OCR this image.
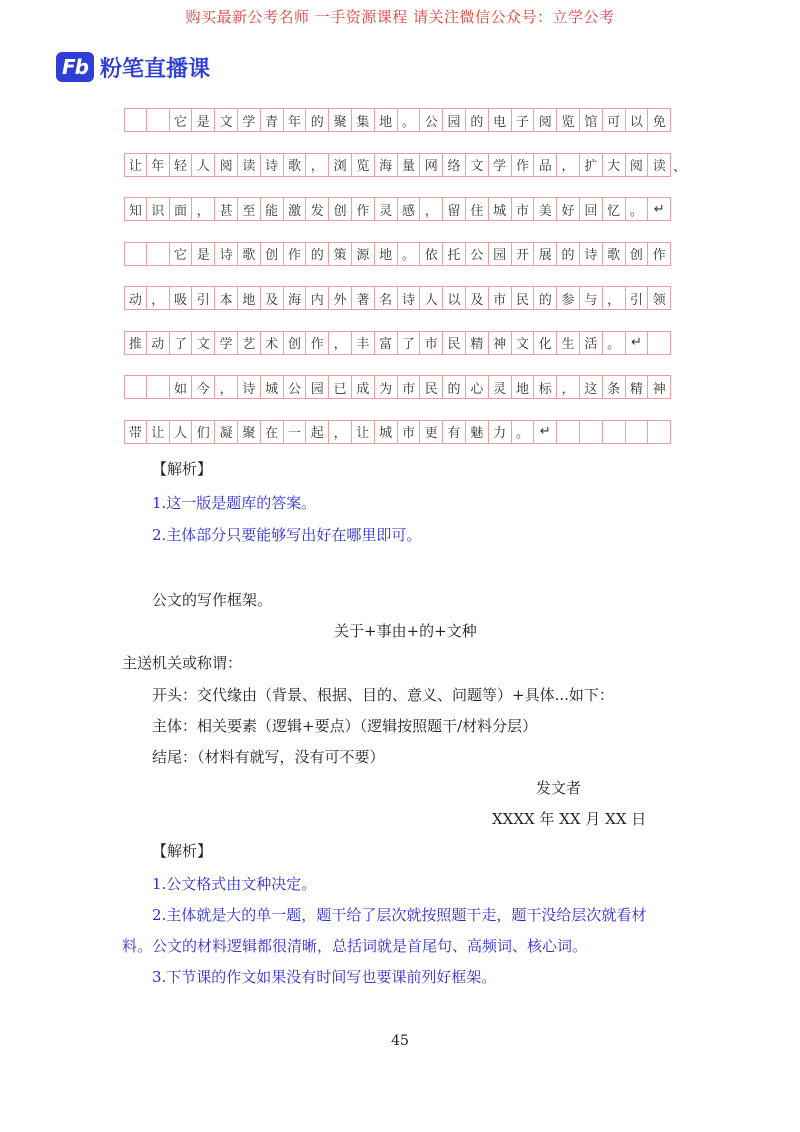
购买最新公考名师 一手资源课程 请关注微信公众号：立学公考
Fb 粉笔直播课
它 是 文 学 青 年 的 聚 集 地 。 公 园 的 电 子 阅 览 馆 可 以 免
让 年 轻 人 阅 读 诗 歌 ， 浏 览 海 量 网 络 文 学 作 品 ， 扩 大 阅 读
知 识 面 ， 甚 至 能 激 发 创 作 灵 感 ， 留 住 城 市 美 好 回 忆 。 ↵
它 是 诗 歌 创 作 的 策 源 地 。 依 托 公 园 开 展 的 诗 歌 创 作
动 ， 吸 引 本 地 及 海 内 外 著 名 诗 人 以 及 市 民 的 参 与 ， 引 领
推 动 了 文 学 艺 术 创 作 ， 丰 富 了 市 民 精 神 文 化 生 活 。 ↵
如 今 ， 诗 城 公 园 已 成 为 市 民 的 心 灵 地 标 ， 这 条 精 神
带 让 人 们 凝 聚 在 一 起 ， 让 城 市 更 有 魅 力 。 ↵
、
【解析】
1.这一版是题库的答案。
2.主体部分只要能够写出好在哪里即可。
公文的写作框架。
关于+事由+的+文种
主送机关或称谓：
开头：交代缘由（背景、根据、目的、意义、问题等）+具体...如下：
主体：相关要素（逻辑+要点）（逻辑按照题干/材料分层）
结尾：（材料有就写，没有可不要）
发文者
XXXX 年 XX 月 XX 日
【解析】
1.公文格式由文种决定。
2.主体就是大的单一题，题干给了层次就按照题干走，题干没给层次就看材
料。公文的材料逻辑都很清晰，总括词就是首尾句、高频词、核心词。
3.下节课的作文如果没有时间写也要课前列好框架。
45
